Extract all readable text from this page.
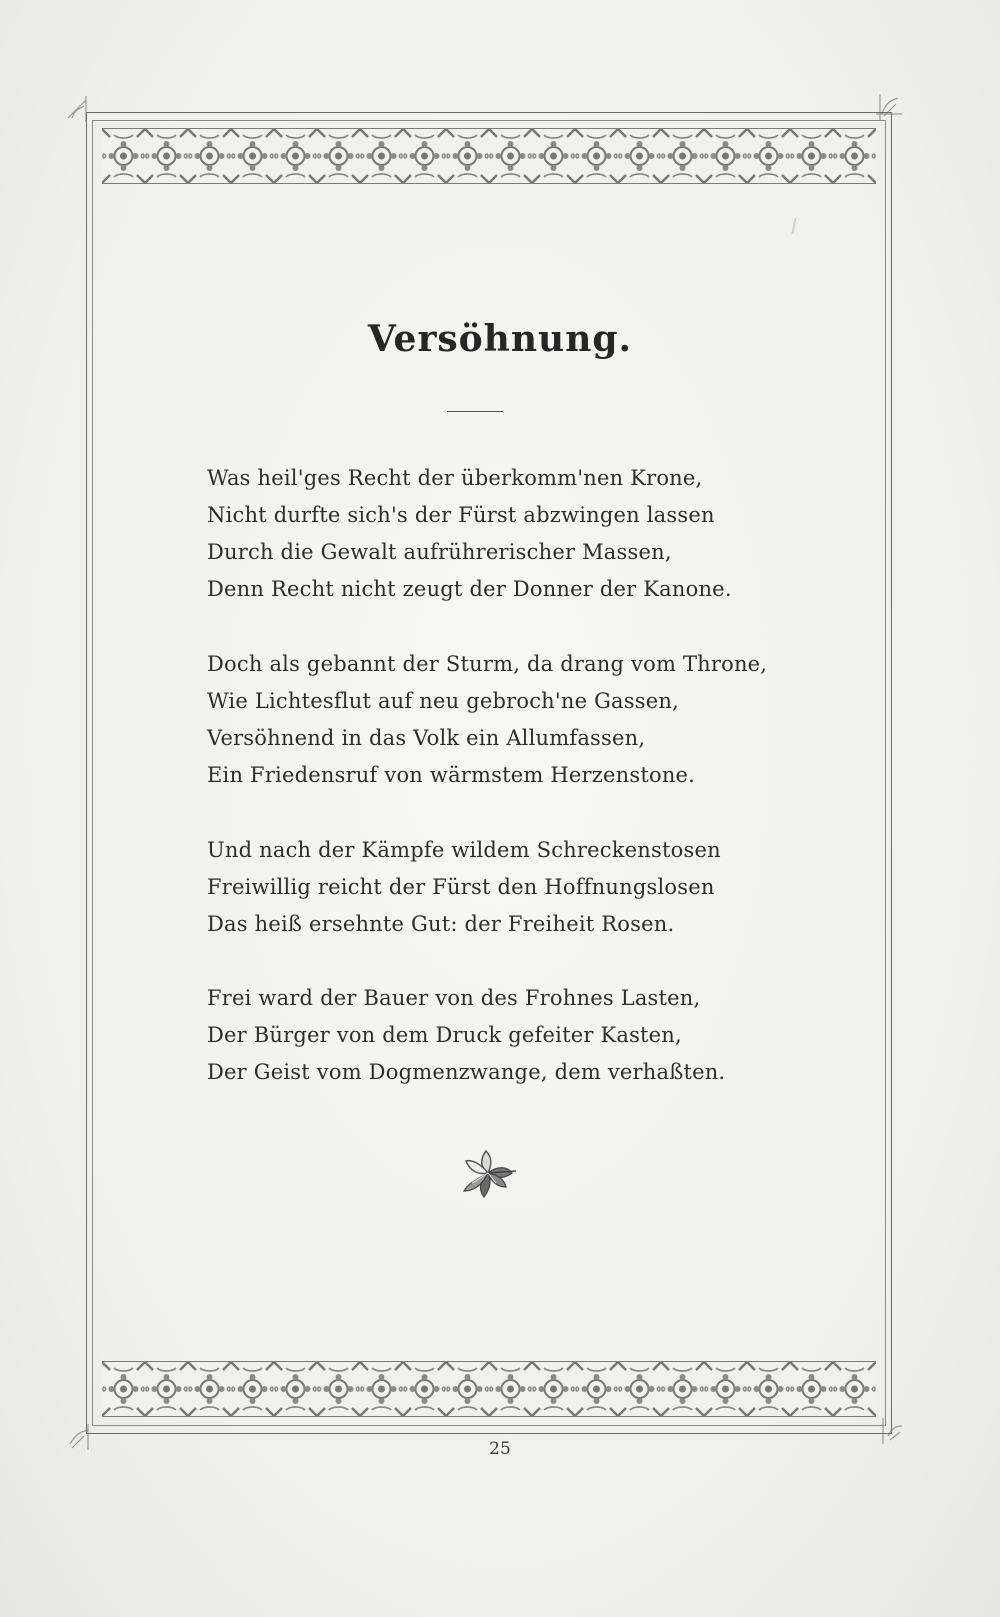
Versöhnung.
Was heil'ges Recht der überkomm'nen Krone,
Nicht durfte sich's der Fürst abzwingen lassen
Durch die Gewalt aufrührerischer Massen,
Denn Recht nicht zeugt der Donner der Kanone.
Doch als gebannt der Sturm, da drang vom Throne,
Wie Lichtesflut auf neu gebroch'ne Gassen,
Versöhnend in das Volk ein Allumfassen,
Ein Friedensruf von wärmstem Herzenstone.
Und nach der Kämpfe wildem Schreckenstosen
Freiwillig reicht der Fürst den Hoffnungslosen
Das heiß ersehnte Gut: der Freiheit Rosen.
Frei ward der Bauer von des Frohnes Lasten,
Der Bürger von dem Druck gefeiter Kasten,
Der Geist vom Dogmenzwange, dem verhaßten.
25
